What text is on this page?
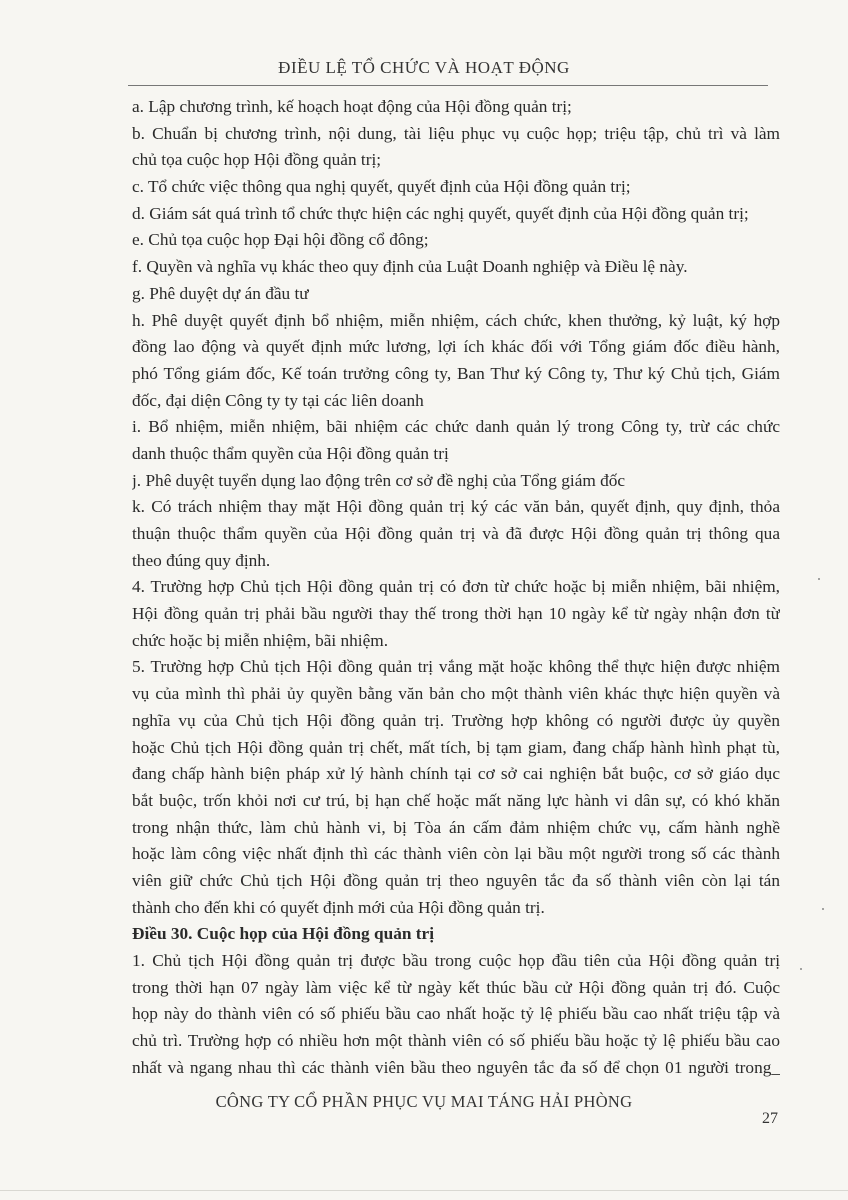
ĐIỀU LỆ TỔ CHỨC VÀ HOẠT ĐỘNG
a. Lập chương trình, kế hoạch hoạt động của Hội đồng quản trị;
b. Chuẩn bị chương trình, nội dung, tài liệu phục vụ cuộc họp; triệu tập, chủ trì và làm
chủ tọa cuộc họp Hội đồng quản trị;
c. Tổ chức việc thông qua nghị quyết, quyết định của Hội đồng quản trị;
d. Giám sát quá trình tổ chức thực hiện các nghị quyết, quyết định của Hội đồng quản trị;
e. Chủ tọa cuộc họp Đại hội đồng cổ đông;
f. Quyền và nghĩa vụ khác theo quy định của Luật Doanh nghiệp và Điều lệ này.
g. Phê duyệt dự án đầu tư
h. Phê duyệt quyết định bổ nhiệm, miễn nhiệm, cách chức, khen thưởng, kỷ luật, ký hợp
đồng lao động và quyết định mức lương, lợi ích khác đối với Tổng giám đốc điều hành,
phó Tổng giám đốc, Kế toán trưởng công ty, Ban Thư ký Công ty, Thư ký Chủ tịch, Giám
đốc, đại diện Công ty ty tại các liên doanh
i. Bổ nhiệm, miễn nhiệm, bãi nhiệm các chức danh quản lý trong Công ty, trừ các chức
danh thuộc thẩm quyền của Hội đồng quản trị
j. Phê duyệt tuyển dụng lao động trên cơ sở đề nghị của Tổng giám đốc
k. Có trách nhiệm thay mặt Hội đồng quản trị ký các văn bản, quyết định, quy định, thỏa
thuận thuộc thẩm quyền của Hội đồng quản trị và đã được Hội đồng quản trị thông qua
theo đúng quy định.
4. Trường hợp Chủ tịch Hội đồng quản trị có đơn từ chức hoặc bị miễn nhiệm, bãi nhiệm,
Hội đồng quản trị phải bầu người thay thế trong thời hạn 10 ngày kể từ ngày nhận đơn từ
chức hoặc bị miễn nhiệm, bãi nhiệm.
5. Trường hợp Chủ tịch Hội đồng quản trị vắng mặt hoặc không thể thực hiện được nhiệm
vụ của mình thì phải ủy quyền bằng văn bản cho một thành viên khác thực hiện quyền và
nghĩa vụ của Chủ tịch Hội đồng quản trị. Trường hợp không có người được ủy quyền
hoặc Chủ tịch Hội đồng quản trị chết, mất tích, bị tạm giam, đang chấp hành hình phạt tù,
đang chấp hành biện pháp xử lý hành chính tại cơ sở cai nghiện bắt buộc, cơ sở giáo dục
bắt buộc, trốn khỏi nơi cư trú, bị hạn chế hoặc mất năng lực hành vi dân sự, có khó khăn
trong nhận thức, làm chủ hành vi, bị Tòa án cấm đảm nhiệm chức vụ, cấm hành nghề
hoặc làm công việc nhất định thì các thành viên còn lại bầu một người trong số các thành
viên giữ chức Chủ tịch Hội đồng quản trị theo nguyên tắc đa số thành viên còn lại tán
thành cho đến khi có quyết định mới của Hội đồng quản trị.
Điều 30. Cuộc họp của Hội đồng quản trị
1. Chủ tịch Hội đồng quản trị được bầu trong cuộc họp đầu tiên của Hội đồng quản trị
trong thời hạn 07 ngày làm việc kể từ ngày kết thúc bầu cử Hội đồng quản trị đó. Cuộc
họp này do thành viên có số phiếu bầu cao nhất hoặc tỷ lệ phiếu bầu cao nhất triệu tập và
chủ trì. Trường hợp có nhiều hơn một thành viên có số phiếu bầu hoặc tỷ lệ phiếu bầu cao
nhất và ngang nhau thì các thành viên bầu theo nguyên tắc đa số để chọn 01 người trong_
CÔNG TY CỔ PHẦN PHỤC VỤ MAI TÁNG HẢI PHÒNG
27
